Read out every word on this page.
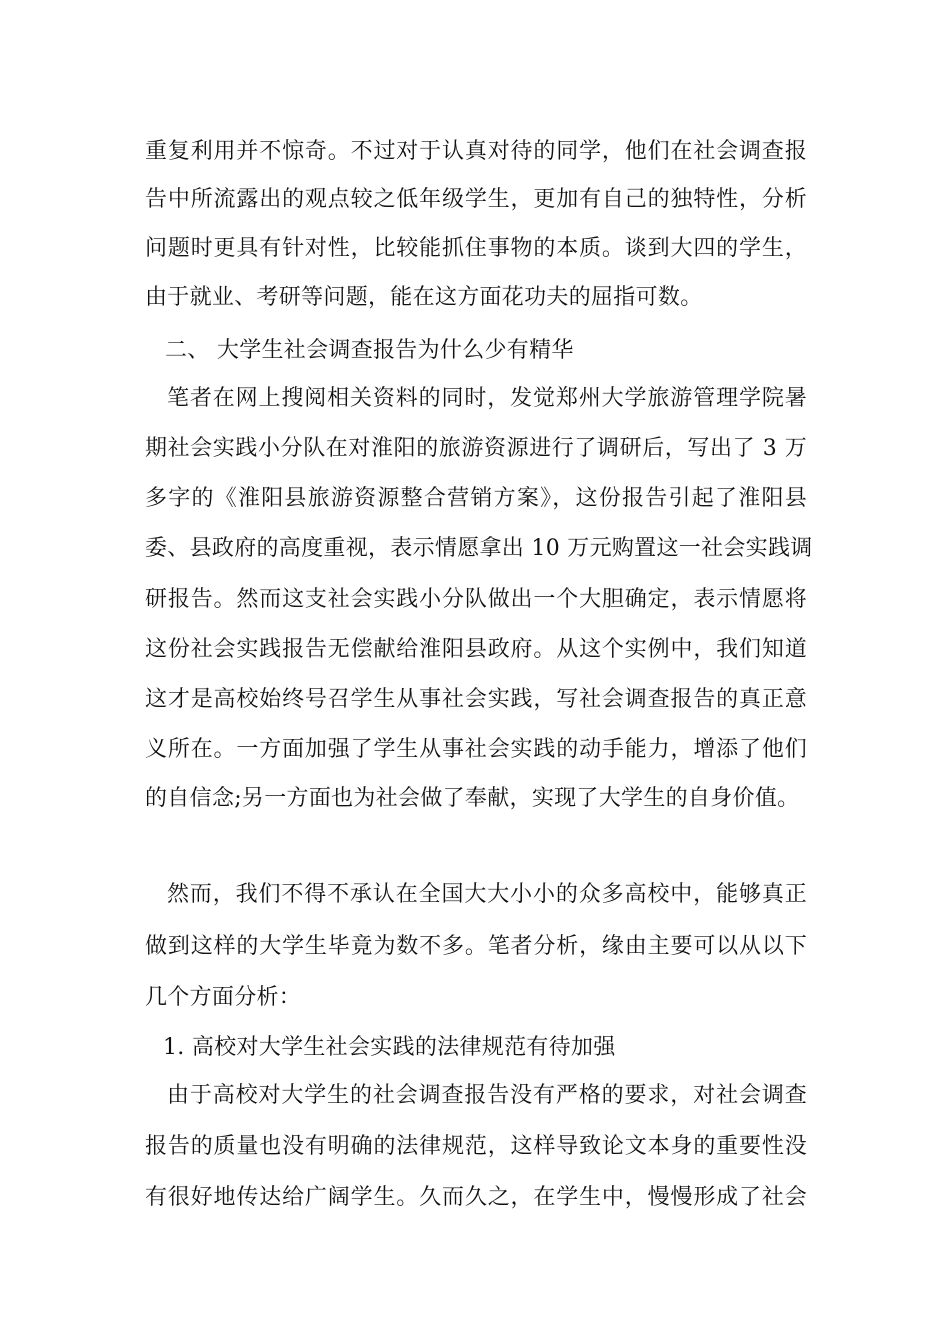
重复利用并不惊奇。不过对于认真对待的同学，他们在社会调查报
告中所流露出的观点较之低年级学生，更加有自己的独特性，分析
问题时更具有针对性，比较能抓住事物的本质。谈到大四的学生，
由于就业、考研等问题，能在这方面花功夫的屈指可数。
二、 大学生社会调查报告为什么少有精华
笔者在网上搜阅相关资料的同时，发觉郑州大学旅游管理学院暑
期社会实践小分队在对淮阳的旅游资源进行了调研后，写出了 3 万
多字的《淮阳县旅游资源整合营销方案》，这份报告引起了淮阳县
委、县政府的高度重视，表示情愿拿出 10 万元购置这一社会实践调
研报告。然而这支社会实践小分队做出一个大胆确定，表示情愿将
这份社会实践报告无偿献给淮阳县政府。从这个实例中，我们知道
这才是高校始终号召学生从事社会实践，写社会调查报告的真正意
义所在。一方面加强了学生从事社会实践的动手能力，增添了他们
的自信念;另一方面也为社会做了奉献，实现了大学生的自身价值。
然而，我们不得不承认在全国大大小小的众多高校中，能够真正
做到这样的大学生毕竟为数不多。笔者分析，缘由主要可以从以下
几个方面分析：
1. 高校对大学生社会实践的法律规范有待加强
由于高校对大学生的社会调查报告没有严格的要求，对社会调查
报告的质量也没有明确的法律规范，这样导致论文本身的重要性没
有很好地传达给广阔学生。久而久之，在学生中，慢慢形成了社会
